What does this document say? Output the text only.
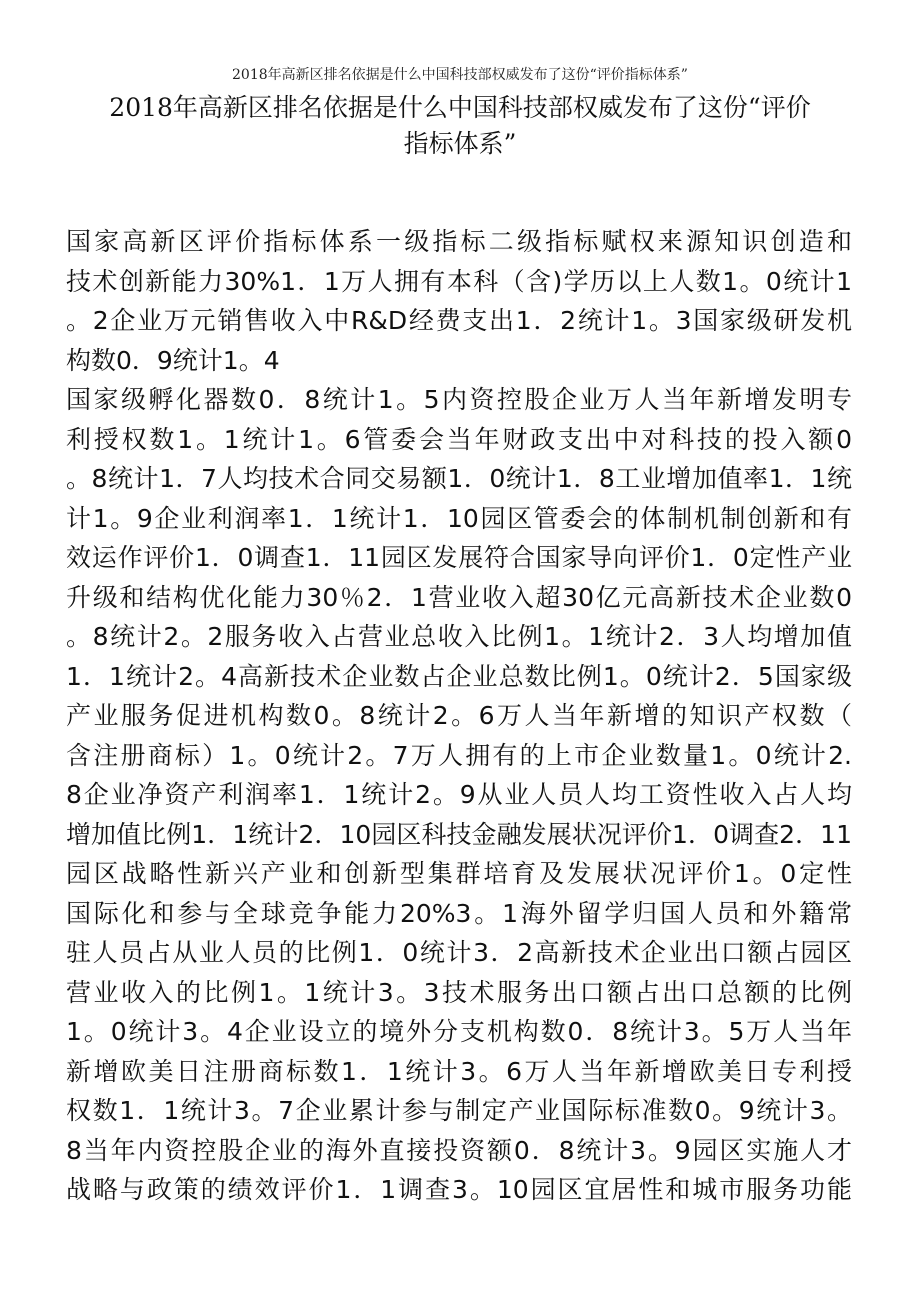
2018年高新区排名依据是什么中国科技部权威发布了这份“评价指标体系”
2018年高新区排名依据是什么中国科技部权威发布了这份“评价
指标体系”
国家高新区评价指标体系一级指标二级指标赋权来源知识创造和
技术创新能力30%1．1万人拥有本科（含)学历以上人数1。0统计1
。2企业万元销售收入中R&D经费支出1．2统计1。3国家级研发机
构数0．9统计1。4
国家级孵化器数0．8统计1。5内资控股企业万人当年新增发明专
利授权数1。1统计1。6管委会当年财政支出中对科技的投入额0
。8统计1．7人均技术合同交易额1．0统计1．8工业增加值率1．1统
计1。9企业利润率1．1统计1．10园区管委会的体制机制创新和有
效运作评价1．0调查1．11园区发展符合国家导向评价1．0定性产业
升级和结构优化能力30％2．1营业收入超30亿元高新技术企业数0
。8统计2。2服务收入占营业总收入比例1。1统计2．3人均增加值
1．1统计2。4高新技术企业数占企业总数比例1。0统计2．5国家级
产业服务促进机构数0。8统计2。6万人当年新增的知识产权数（
含注册商标）1。0统计2。7万人拥有的上市企业数量1。0统计2.
8企业净资产利润率1．1统计2。9从业人员人均工资性收入占人均
增加值比例1．1统计2．10园区科技金融发展状况评价1．0调查2．11
园区战略性新兴产业和创新型集群培育及发展状况评价1。0定性
国际化和参与全球竞争能力20%3。1海外留学归国人员和外籍常
驻人员占从业人员的比例1．0统计3．2高新技术企业出口额占园区
营业收入的比例1。1统计3。3技术服务出口额占出口总额的比例
1。0统计3。4企业设立的境外分支机构数0．8统计3。5万人当年
新增欧美日注册商标数1．1统计3。6万人当年新增欧美日专利授
权数1．1统计3。7企业累计参与制定产业国际标准数0。9统计3。
8当年内资控股企业的海外直接投资额0．8统计3。9园区实施人才
战略与政策的绩效评价1．1调查3。10园区宜居性和城市服务功能
